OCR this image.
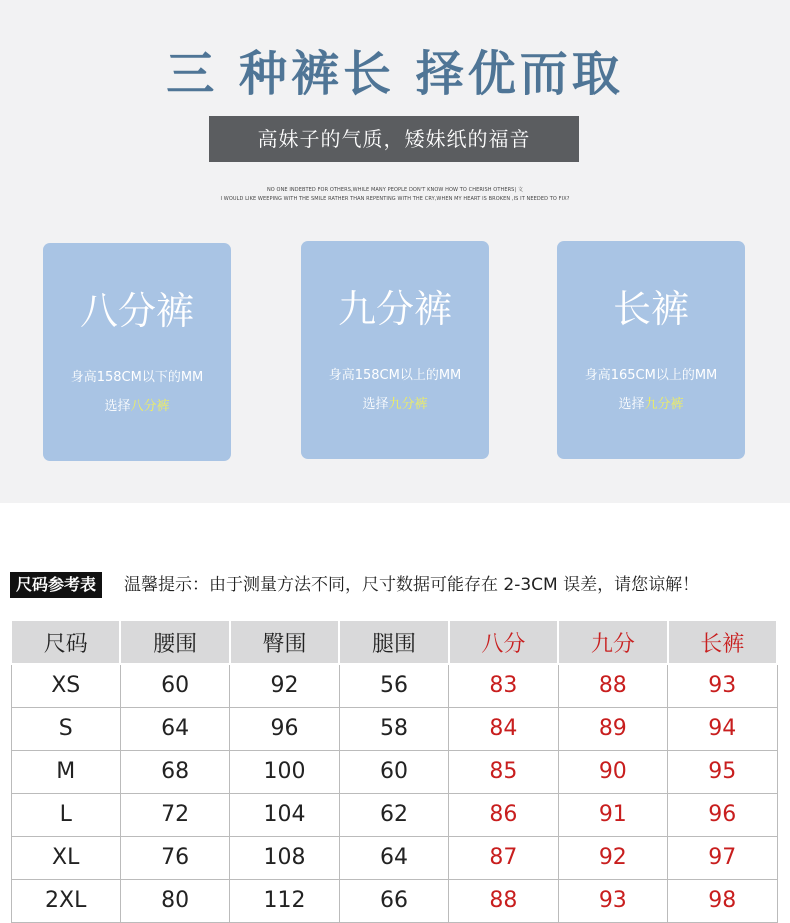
三 种裤长 择优而取
高妹子的气质，矮妹纸的福音
NO ONE INDEBTED FOR OTHERS,WHILE MANY PEOPLE DON'T KNOW HOW TO CHERISH OTHERS| 文
I WOULD LIKE WEEPING WITH THE SMILE RATHER THAN REPENTING WITH THE CRY,WHEN MY HEART IS BROKEN ,IS IT NEEDED TO FIX?
八分裤
身高158CM以下的MM
选择八分裤
九分裤
身高158CM以上的MM
选择九分裤
长裤
身高165CM以上的MM
选择九分裤
尺码参考表	温馨提示：由于测量方法不同，尺寸数据可能存在 2-3CM 误差，请您谅解！
尺码	腰围	臀围	腿围	八分	九分	长裤
XS	60	92	56	83	88	93
S	64	96	58	84	89	94
M	68	100	60	85	90	95
L	72	104	62	86	91	96
XL	76	108	64	87	92	97
2XL	80	112	66	88	93	98
